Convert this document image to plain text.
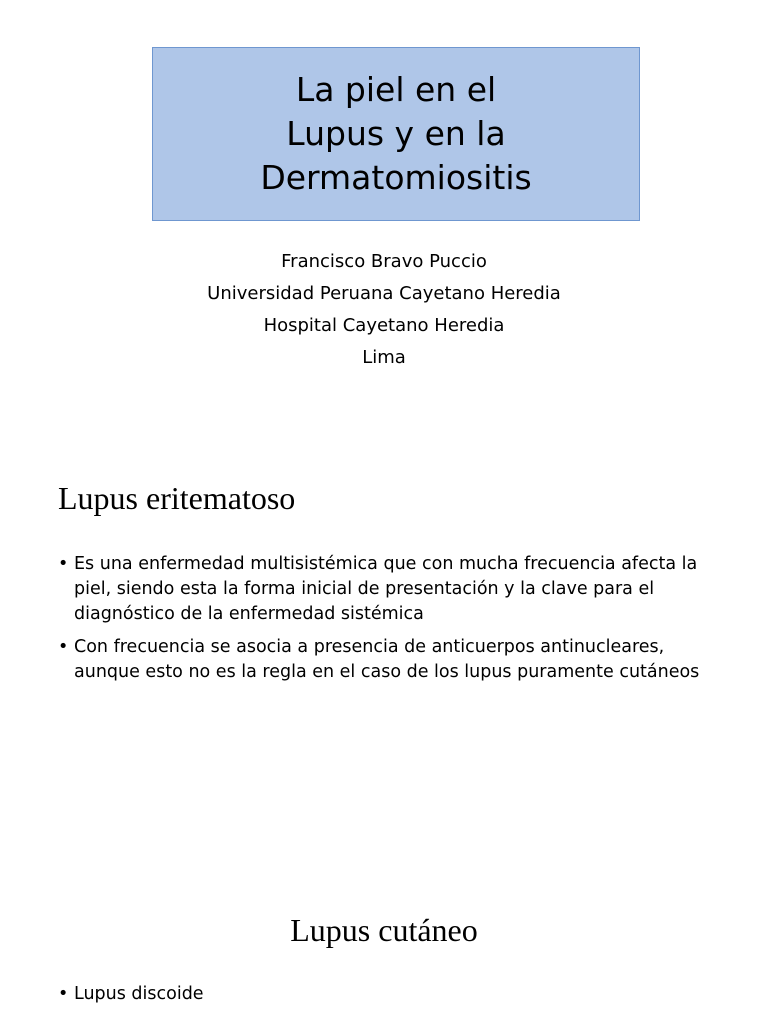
La piel en el
Lupus y en la
Dermatomiositis
Francisco Bravo Puccio
Universidad Peruana Cayetano Heredia
Hospital Cayetano Heredia
Lima
Lupus eritematoso
• Es una enfermedad multisistémica que con mucha frecuencia afecta la piel, siendo esta la forma inicial de presentación y la clave para el diagnóstico de la enfermedad sistémica
• Con frecuencia se asocia a presencia de anticuerpos antinucleares, aunque esto no es la regla en el caso de los lupus puramente cutáneos
Lupus cutáneo
• Lupus discoide
